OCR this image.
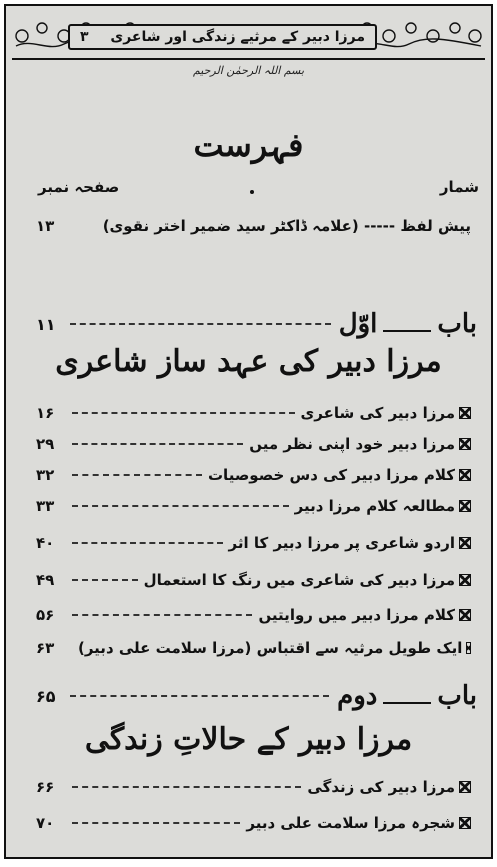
۳ مرزا دبیر کے مرثیے زندگی اور شاعری
بسم اللہ الرحمٰن الرحیم
فہرست
شمار
صفحہ نمبر
پیش لفظ ----- (علامہ ڈاکٹر سید ضمیر اختر نقوی)
۱۳
باب
اوّل
۱۱
مرزا دبیر کی عہد ساز شاعری
مرزا دبیر کی شاعری
۱۶
مرزا دبیر خود اپنی نظر میں
۲۹
کلام مرزا دبیر کی دس خصوصیات
۳۲
مطالعہ کلام مرزا دبیر
۳۳
اردو شاعری پر مرزا دبیر کا اثر
۴۰
مرزا دبیر کی شاعری میں رنگ کا استعمال
۴۹
کلام مرزا دبیر میں روایتیں
۵۶
ایک طویل مرثیہ سے اقتباس (مرزا سلامت علی دبیر)
۶۳
باب
دوم
۶۵
مرزا دبیر کے حالاتِ زندگی
مرزا دبیر کی زندگی
۶۶
شجرہ مرزا سلامت علی دبیر
۷۰
